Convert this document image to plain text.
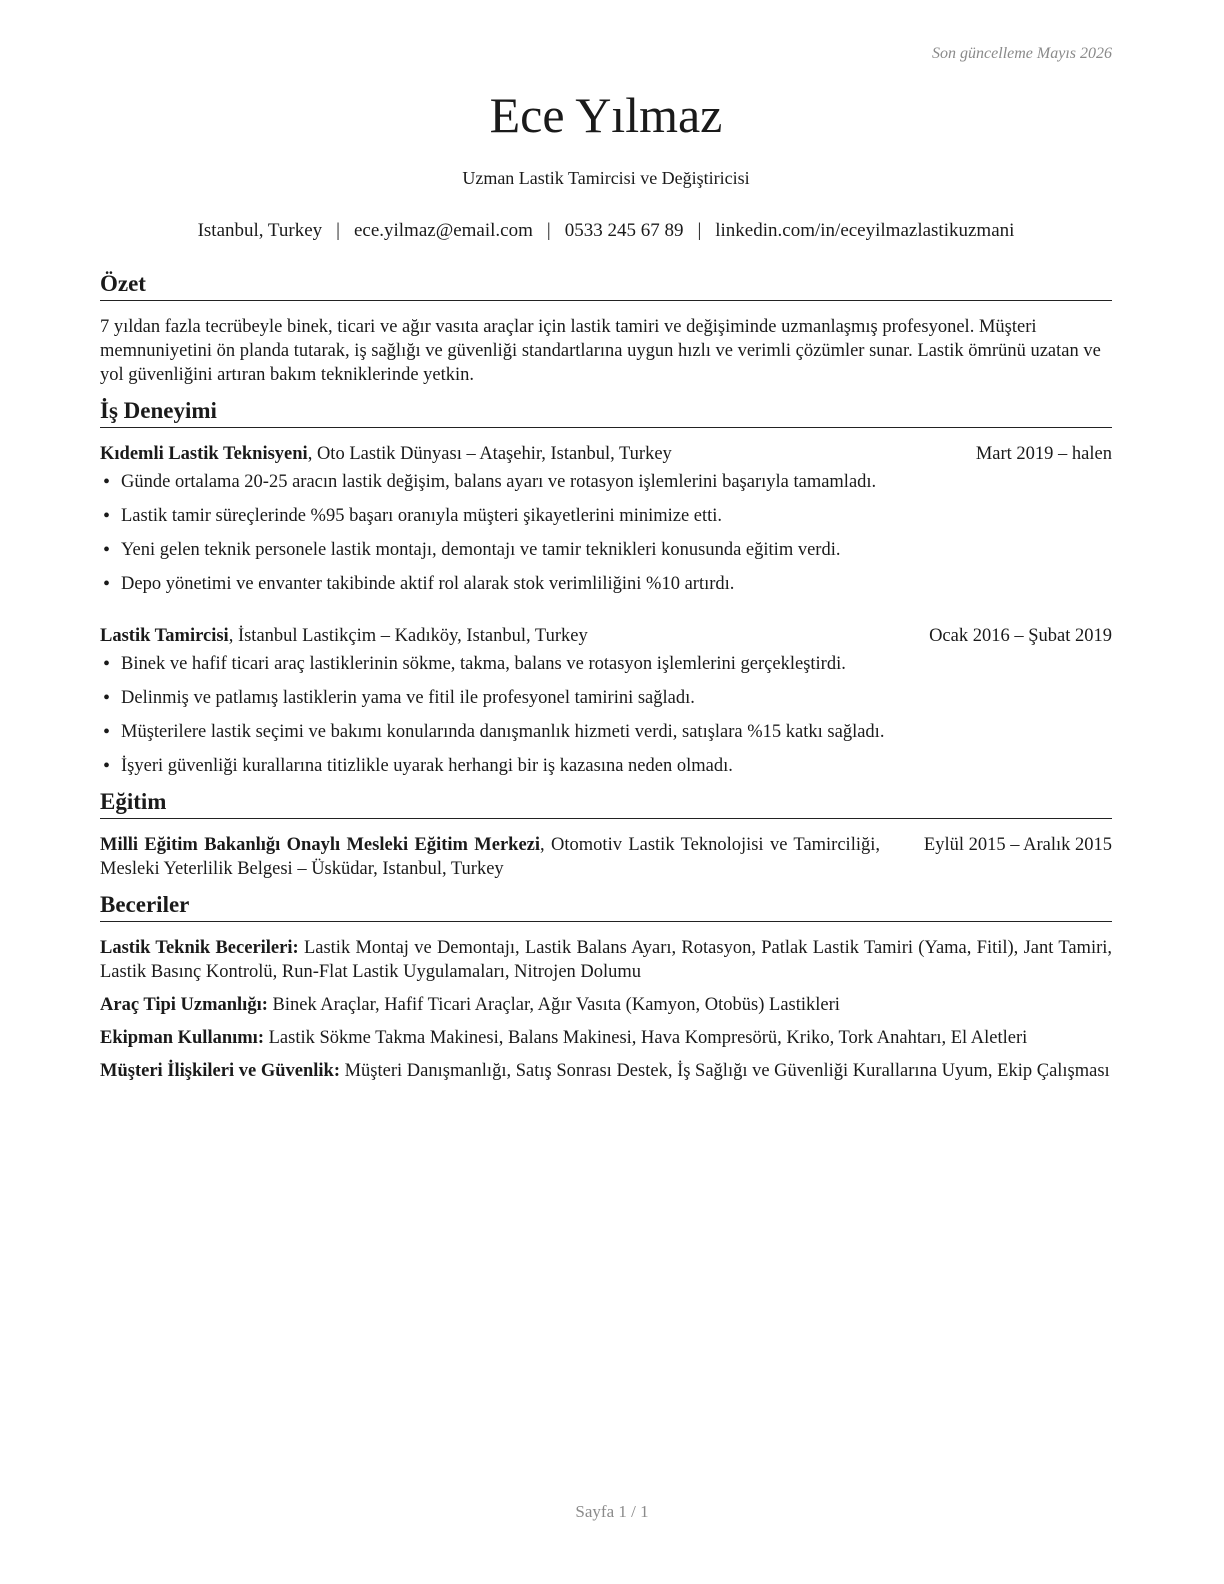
Son güncelleme Mayıs 2026
Ece Yılmaz
Uzman Lastik Tamircisi ve Değiştiricisi
Istanbul, Turkey | ece.yilmaz@email.com | 0533 245 67 89 | linkedin.com/in/eceyilmazlastikuzmani
Özet

7 yıldan fazla tecrübeyle binek, ticari ve ağır vasıta araçlar için lastik tamiri ve değişiminde uzmanlaşmış profesyonel. Müşteri memnuniyetini ön planda tutarak, iş sağlığı ve güvenliği standartlarına uygun hızlı ve verimli çözümler sunar. Lastik ömrünü uzatan ve yol güvenliğini artıran bakım tekniklerinde yetkin.

İş Deneyimi
Kıdemli Lastik Teknisyeni, Oto Lastik Dünyası – Ataşehir, Istanbul, Turkey	Mart 2019 – halen
• Günde ortalama 20-25 aracın lastik değişim, balans ayarı ve rotasyon işlemlerini başarıyla tamamladı.
• Lastik tamir süreçlerinde %95 başarı oranıyla müşteri şikayetlerini minimize etti.
• Yeni gelen teknik personele lastik montajı, demontajı ve tamir teknikleri konusunda eğitim verdi.
• Depo yönetimi ve envanter takibinde aktif rol alarak stok verimliliğini %10 artırdı.
Lastik Tamircisi, İstanbul Lastikçim – Kadıköy, Istanbul, Turkey	Ocak 2016 – Şubat 2019
• Binek ve hafif ticari araç lastiklerinin sökme, takma, balans ve rotasyon işlemlerini gerçekleştirdi.
• Delinmiş ve patlamış lastiklerin yama ve fitil ile profesyonel tamirini sağladı.
• Müşterilere lastik seçimi ve bakımı konularında danışmanlık hizmeti verdi, satışlara %15 katkı sağladı.
• İşyeri güvenliği kurallarına titizlikle uyarak herhangi bir iş kazasına neden olmadı.
Eğitim
Milli Eğitim Bakanlığı Onaylı Mesleki Eğitim Merkezi, Otomotiv Lastik Teknolojisi ve Tamirciliği, Mesleki Yeterlilik Belgesi – Üsküdar, Istanbul, Turkey
Eylül 2015 – Aralık 2015
Beceriler

Lastik Teknik Becerileri: Lastik Montaj ve Demontajı, Lastik Balans Ayarı, Rotasyon, Patlak Lastik Tamiri (Yama, Fitil), Jant Tamiri, Lastik Basınç Kontrolü, Run-Flat Lastik Uygulamaları, Nitrojen Dolumu

Araç Tipi Uzmanlığı: Binek Araçlar, Hafif Ticari Araçlar, Ağır Vasıta (Kamyon, Otobüs) Lastikleri

Ekipman Kullanımı: Lastik Sökme Takma Makinesi, Balans Makinesi, Hava Kompresörü, Kriko, Tork Anahtarı, El Aletleri

Müşteri İlişkileri ve Güvenlik: Müşteri Danışmanlığı, Satış Sonrası Destek, İş Sağlığı ve Güvenliği Kurallarına Uyum, Ekip Çalışması

Sayfa 1 / 1
